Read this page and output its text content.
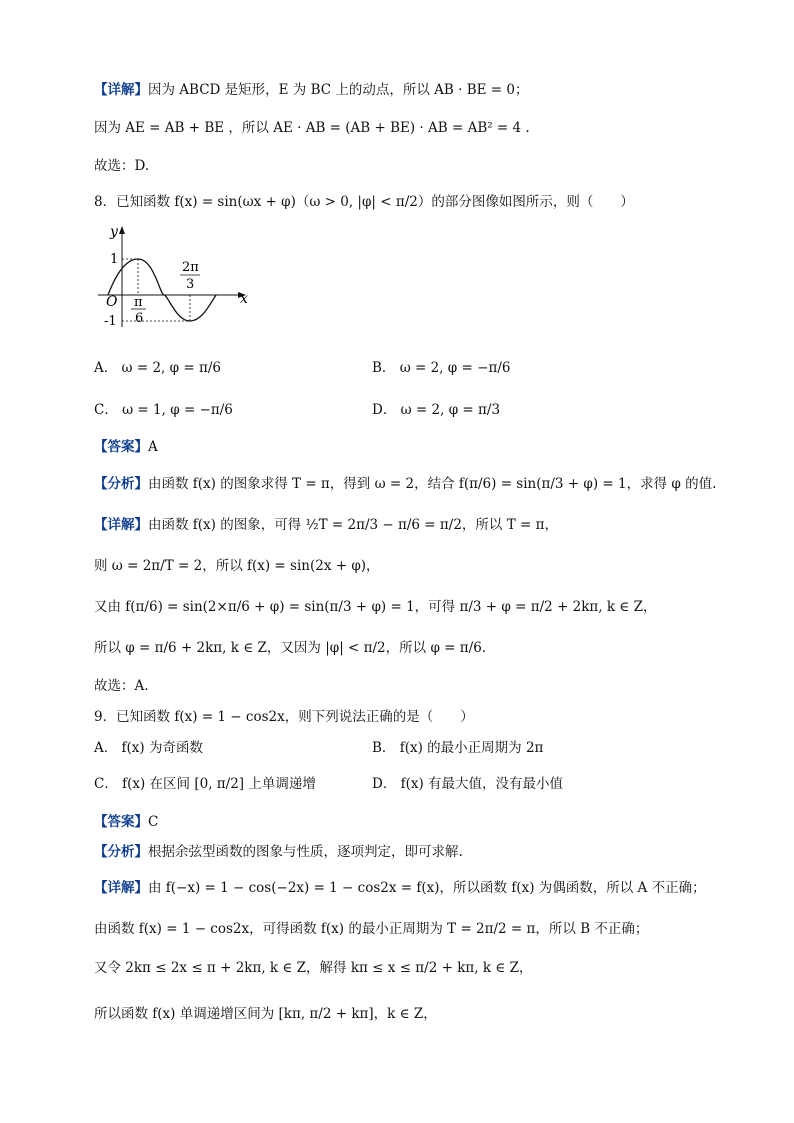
【详解】因为 ABCD 是矩形，E 为 BC 上的动点，所以 AB · BE = 0；
因为 AE = AB + BE ，所以 AE · AB = (AB + BE) · AB = AB² = 4 .
故选：D.
8．已知函数 f(x) = sin(ωx + φ)（ω > 0, |φ| < π/2）的部分图像如图所示，则（　　）
y
x
O
1
-1
π
6
2π
3
A． ω = 2, φ = π/6	B． ω = 2, φ = −π/6
C． ω = 1, φ = −π/6	D． ω = 2, φ = π/3
【答案】A
【分析】由函数 f(x) 的图象求得 T = π，得到 ω = 2，结合 f(π/6) = sin(π/3 + φ) = 1，求得 φ 的值.
【详解】由函数 f(x) 的图象，可得 ½T = 2π/3 − π/6 = π/2，所以 T = π，
则 ω = 2π/T = 2，所以 f(x) = sin(2x + φ)，
又由 f(π/6) = sin(2×π/6 + φ) = sin(π/3 + φ) = 1，可得 π/3 + φ = π/2 + 2kπ, k ∈ Z，
所以 φ = π/6 + 2kπ, k ∈ Z，又因为 |φ| < π/2，所以 φ = π/6.
故选：A.
9．已知函数 f(x) = 1 − cos2x，则下列说法正确的是（　　）
A． f(x) 为奇函数	B． f(x) 的最小正周期为 2π
C． f(x) 在区间 [0, π/2] 上单调递增	D． f(x) 有最大值，没有最小值
【答案】C
【分析】根据余弦型函数的图象与性质，逐项判定，即可求解.
【详解】由 f(−x) = 1 − cos(−2x) = 1 − cos2x = f(x)，所以函数 f(x) 为偶函数，所以 A 不正确；
由函数 f(x) = 1 − cos2x，可得函数 f(x) 的最小正周期为 T = 2π/2 = π，所以 B 不正确；
又令 2kπ ≤ 2x ≤ π + 2kπ, k ∈ Z，解得 kπ ≤ x ≤ π/2 + kπ, k ∈ Z，
所以函数 f(x) 单调递增区间为 [kπ, π/2 + kπ]，k ∈ Z，
